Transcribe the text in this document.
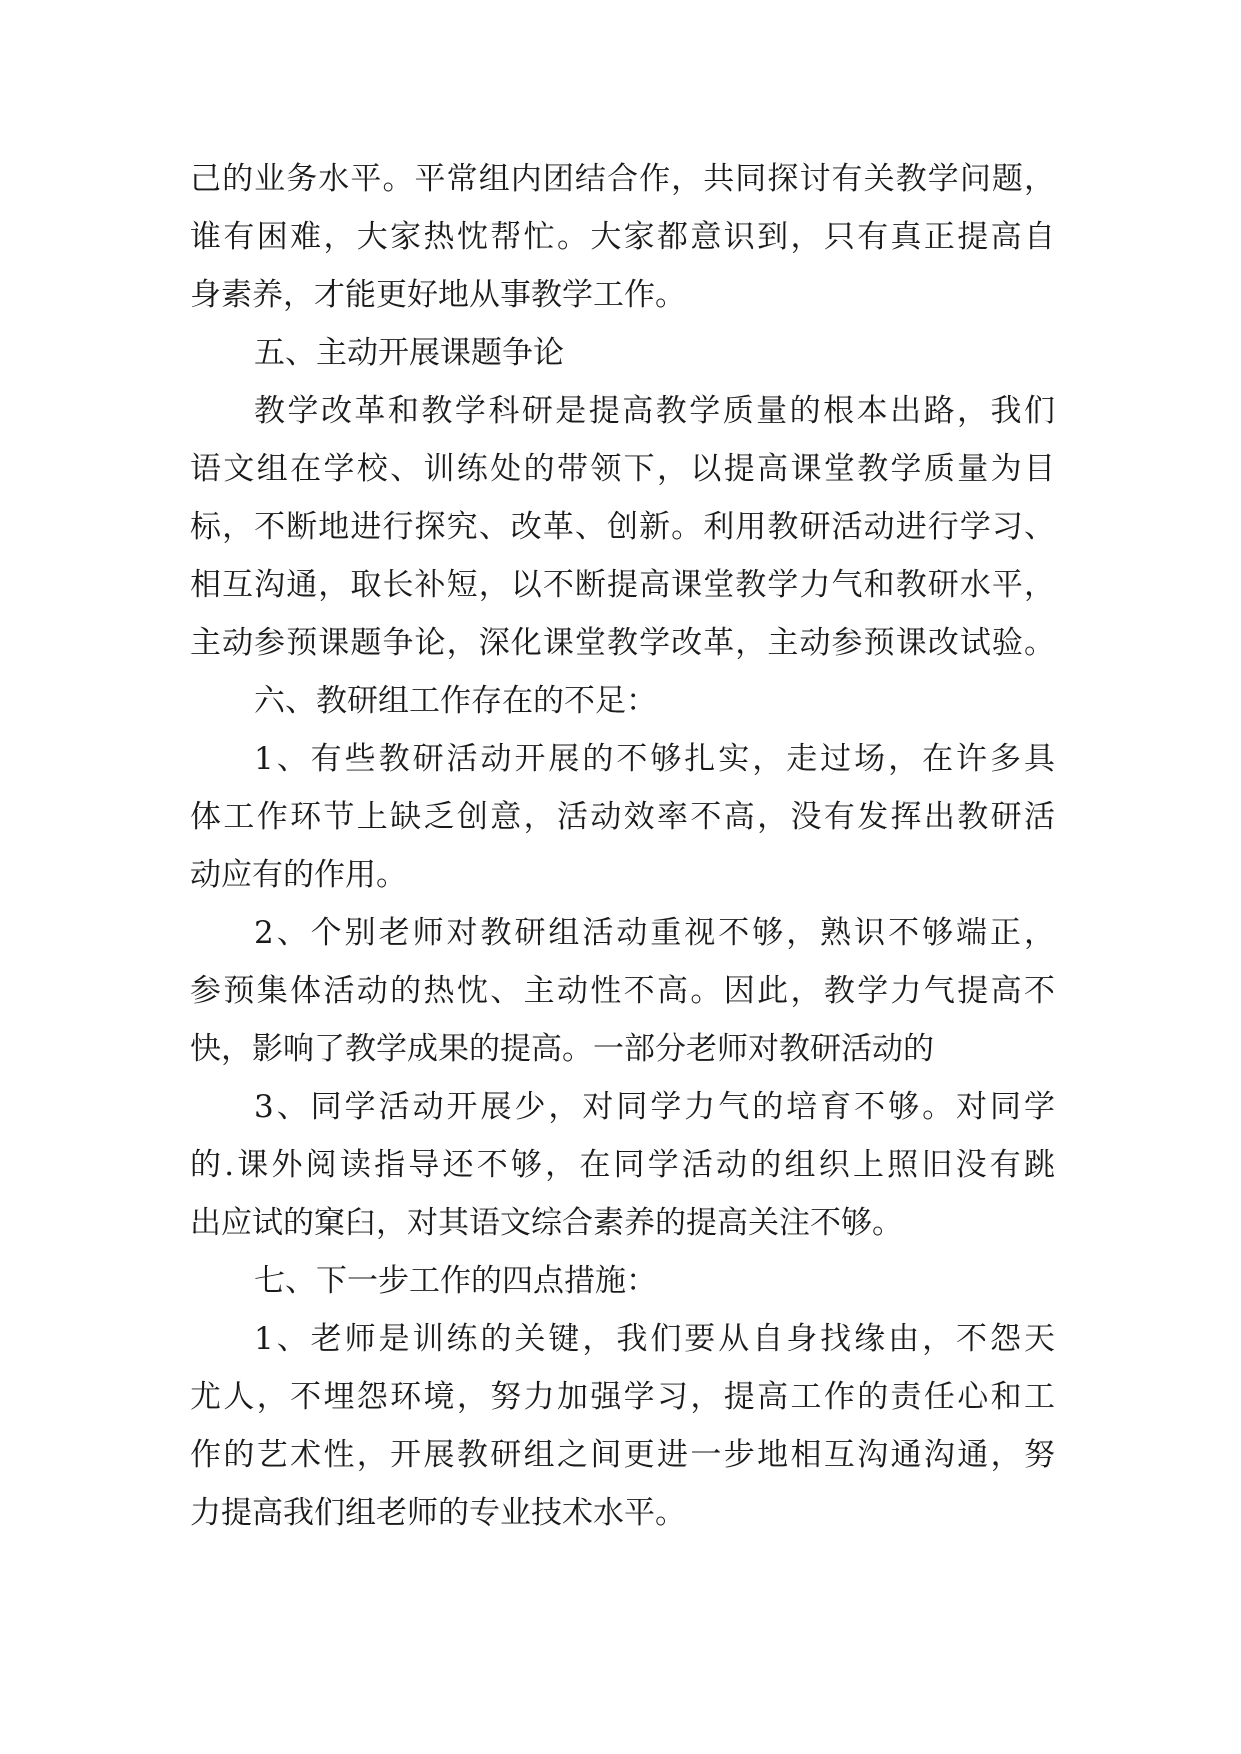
己的业务水平。平常组内团结合作，共同探讨有关教学问题，
谁有困难，大家热忱帮忙。大家都意识到，只有真正提高自
身素养，才能更好地从事教学工作。
五、主动开展课题争论
教学改革和教学科研是提高教学质量的根本出路，我们
语文组在学校、训练处的带领下，以提高课堂教学质量为目
标，不断地进行探究、改革、创新。利用教研活动进行学习、
相互沟通，取长补短，以不断提高课堂教学力气和教研水平，
主动参预课题争论，深化课堂教学改革，主动参预课改试验。
六、教研组工作存在的不足：
1、有些教研活动开展的不够扎实，走过场，在许多具
体工作环节上缺乏创意，活动效率不高，没有发挥出教研活
动应有的作用。
2、个别老师对教研组活动重视不够，熟识不够端正，
参预集体活动的热忱、主动性不高。因此，教学力气提高不
快，影响了教学成果的提高。一部分老师对教研活动的
3、同学活动开展少，对同学力气的培育不够。对同学
的.课外阅读指导还不够，在同学活动的组织上照旧没有跳
出应试的窠臼，对其语文综合素养的提高关注不够。
七、下一步工作的四点措施：
1、老师是训练的关键，我们要从自身找缘由，不怨天
尤人，不埋怨环境，努力加强学习，提高工作的责任心和工
作的艺术性，开展教研组之间更进一步地相互沟通沟通，努
力提高我们组老师的专业技术水平。
